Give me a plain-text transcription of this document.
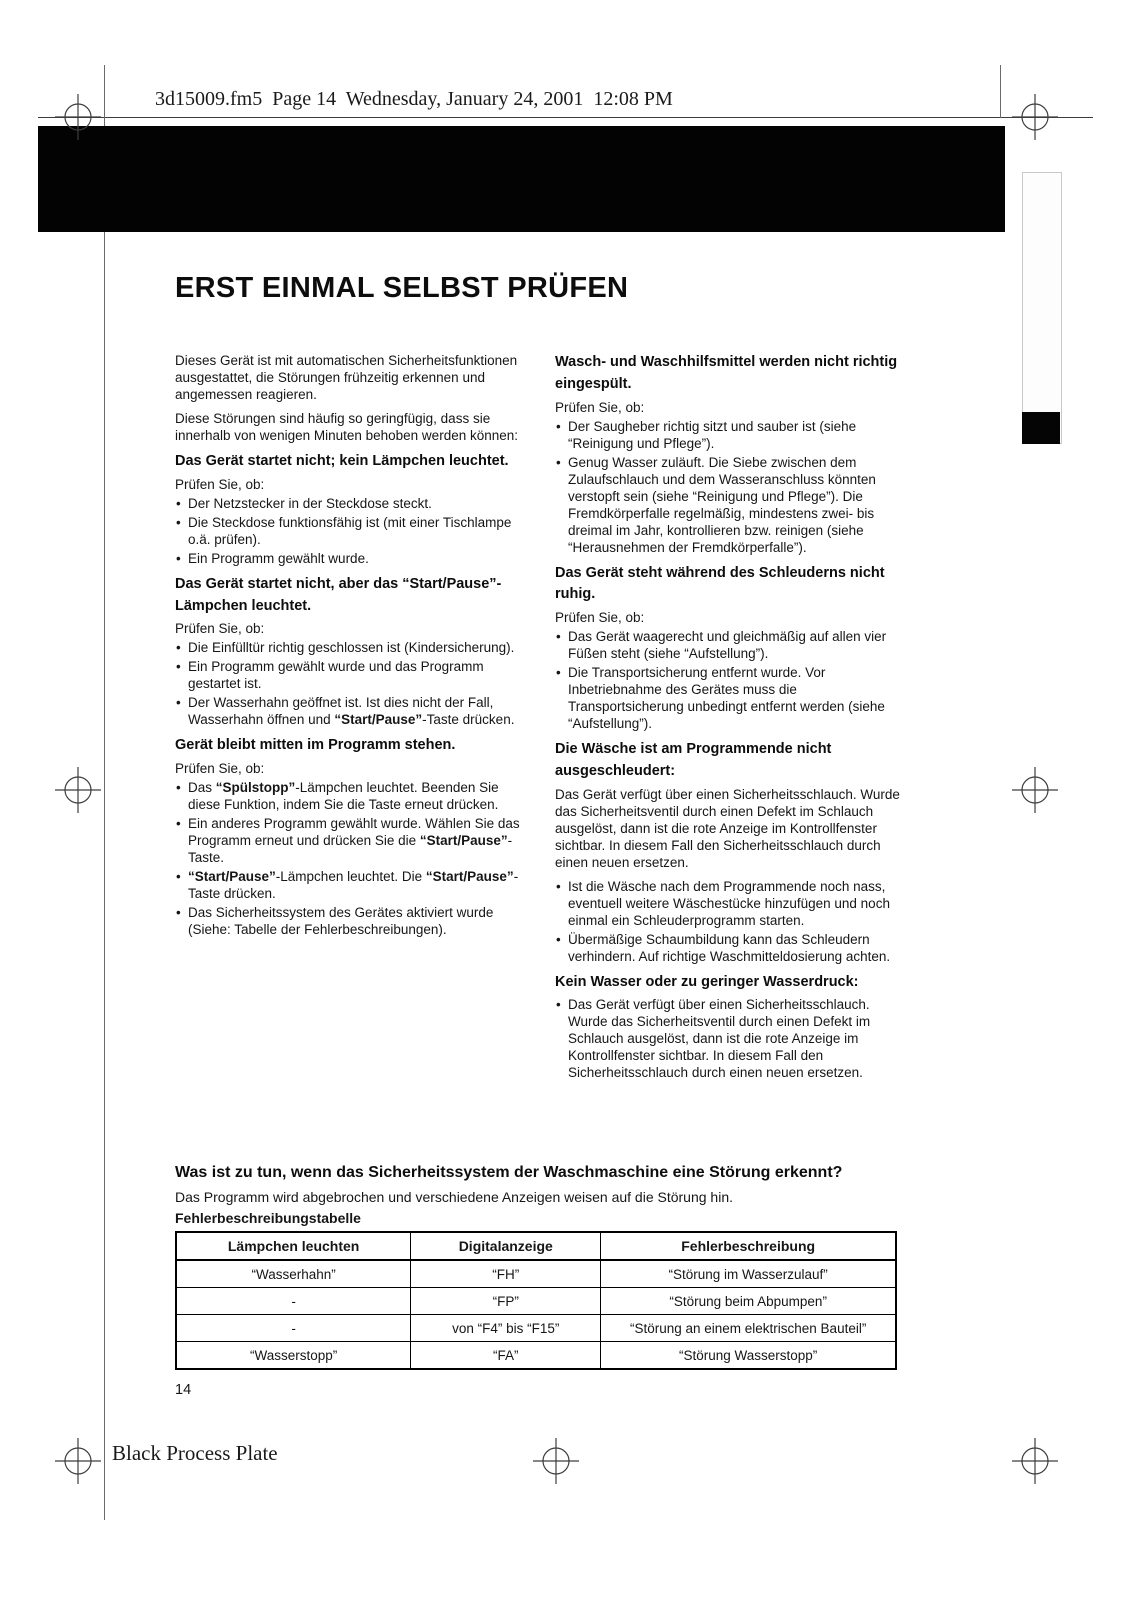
3d15009.fm5  Page 14  Wednesday, January 24, 2001  12:08 PM
ERST EINMAL SELBST PRÜFEN

Dieses Gerät ist mit automatischen Sicherheitsfunktionen ausgestattet, die Störungen frühzeitig erkennen und angemessen reagieren.

Diese Störungen sind häufig so geringfügig, dass sie innerhalb von wenigen Minuten behoben werden können:

Das Gerät startet nicht; kein Lämpchen leuchtet.

Prüfen Sie, ob:

• Der Netzstecker in der Steckdose steckt.
• Die Steckdose funktionsfähig ist (mit einer Tischlampe o.ä. prüfen).
• Ein Programm gewählt wurde.
Das Gerät startet nicht, aber das “Start/Pause”-Lämpchen leuchtet.

Prüfen Sie, ob:

• Die Einfülltür richtig geschlossen ist (Kindersicherung).
• Ein Programm gewählt wurde und das Programm gestartet ist.
• Der Wasserhahn geöffnet ist. Ist dies nicht der Fall, Wasserhahn öffnen und “Start/Pause”-Taste drücken.
Gerät bleibt mitten im Programm stehen.

Prüfen Sie, ob:

• Das “Spülstopp”-Lämpchen leuchtet. Beenden Sie diese Funktion, indem Sie die Taste erneut drücken.
• Ein anderes Programm gewählt wurde. Wählen Sie das Programm erneut und drücken Sie die “Start/Pause”-Taste.
• “Start/Pause”-Lämpchen leuchtet. Die “Start/Pause”-Taste drücken.
• Das Sicherheitssystem des Gerätes aktiviert wurde (Siehe: Tabelle der Fehlerbeschreibungen).
Wasch- und Waschhilfsmittel werden nicht richtig eingespült.

Prüfen Sie, ob:

• Der Saugheber richtig sitzt und sauber ist (siehe “Reinigung und Pflege”).
• Genug Wasser zuläuft. Die Siebe zwischen dem Zulaufschlauch und dem Wasseranschluss könnten verstopft sein (siehe “Reinigung und Pflege”). Die Fremdkörperfalle regelmäßig, mindestens zwei- bis dreimal im Jahr, kontrollieren bzw. reinigen (siehe “Herausnehmen der Fremdkörperfalle”).
Das Gerät steht während des Schleuderns nicht ruhig.

Prüfen Sie, ob:

• Das Gerät waagerecht und gleichmäßig auf allen vier Füßen steht (siehe “Aufstellung”).
• Die Transportsicherung entfernt wurde. Vor Inbetriebnahme des Gerätes muss die Transportsicherung unbedingt entfernt werden (siehe “Aufstellung”).
Die Wäsche ist am Programmende nicht ausgeschleudert:

Das Gerät verfügt über einen Sicherheitsschlauch. Wurde das Sicherheitsventil durch einen Defekt im Schlauch ausgelöst, dann ist die rote Anzeige im Kontrollfenster sichtbar. In diesem Fall den Sicherheitsschlauch durch einen neuen ersetzen.

• Ist die Wäsche nach dem Programmende noch nass, eventuell weitere Wäschestücke hinzufügen und noch einmal ein Schleuderprogramm starten.
• Übermäßige Schaumbildung kann das Schleudern verhindern. Auf richtige Waschmitteldosierung achten.
Kein Wasser oder zu geringer Wasserdruck:
• Das Gerät verfügt über einen Sicherheitsschlauch. Wurde das Sicherheitsventil durch einen Defekt im Schlauch ausgelöst, dann ist die rote Anzeige im Kontrollfenster sichtbar. In diesem Fall den Sicherheitsschlauch durch einen neuen ersetzen.
Was ist zu tun, wenn das Sicherheitssystem der Waschmaschine eine Störung erkennt?

Das Programm wird abgebrochen und verschiedene Anzeigen weisen auf die Störung hin.

Fehlerbeschreibungstabelle

Lämpchen leuchten	Digitalanzeige	Fehlerbeschreibung
“Wasserhahn”	“FH”	“Störung im Wasserzulauf”
-	“FP”	“Störung beim Abpumpen”
-	von “F4” bis “F15”	“Störung an einem elektrischen Bauteil”
“Wasserstopp”	“FA”	“Störung Wasserstopp”
14
Black Process Plate
